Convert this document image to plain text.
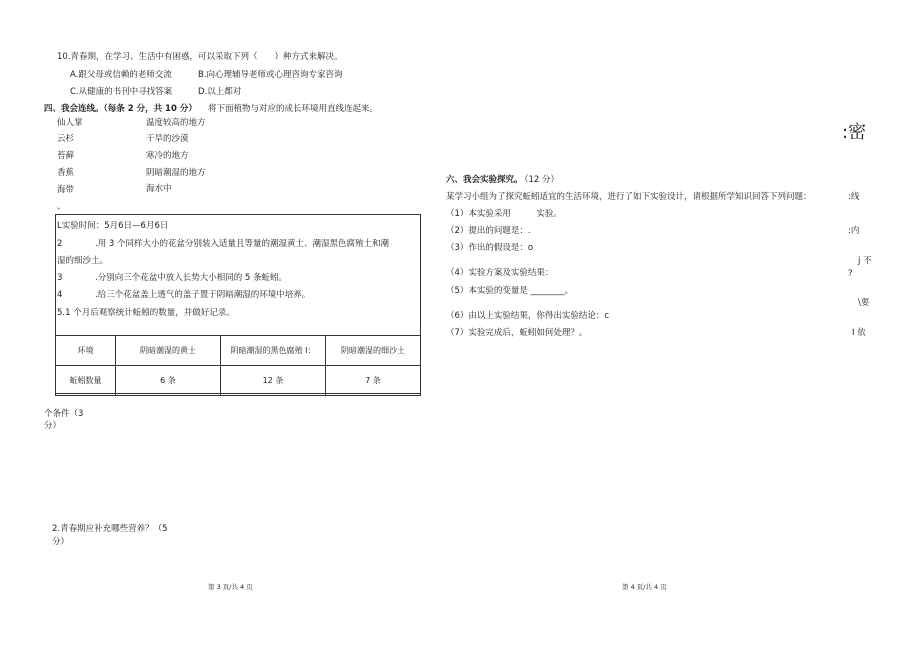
10.青春期，在学习、生活中有困惑，可以采取下列（　　）种方式来解决。
A.跟父母或信赖的老师交流	B.向心理辅导老师或心理咨询专家咨询
C.从健康的书刊中寻找答案	D.以上都对
四、我会连线。（每条 2 分，共 10 分） 将下面植物与对应的成长环境用直线连起来。
仙人掌
云杉
苔藓
香蕉
海带
温度较高的地方
干旱的沙漠
寒冷的地方
阴暗潮湿的地方
海水中
、
L实验时间：5月6日—6月6日
2	.用 3 个同样大小的花盆分别装入适量且等量的潮湿黄土、潮湿黑色腐殖土和潮
湿的细沙土。
3	.分别向三个花盆中放入长势大小相同的 5 条蚯蚓。
4	.给三个花盆盖上透气的盖子置于阴暗潮湿的环境中培养。
5.1 个月后观察统计蚯蚓的数量，并做好记录。
环境	阴暗潮湿的黄土	阴暗潮湿的黑色腐殖 I：	阴暗潮湿的细沙土
蚯蚓数量	6 条	12 条	7 条
个条件（3
分）
2.青春期应补充哪些营养？（5
分）
第 3 页/共 4 页
:密
六、我会实验探究。
（12 分）
某学习小组为了探究蚯蚓适宜的生活环境，进行了如下实验设计，请根据所学知识回答下列问题：
（1）本实验采用　　　实验。
（2）提出的问题是：.
（3）作出的假设是：o
（4）实验方案及实验结果：
（5）本实验的变量是 ________。
（6）由以上实验结果，你得出实验结论：c
（7）实验完成后，蚯蚓如何处理？。
:线
:内
j 不
?
\要
I 依
第 4 页/共 4 页
